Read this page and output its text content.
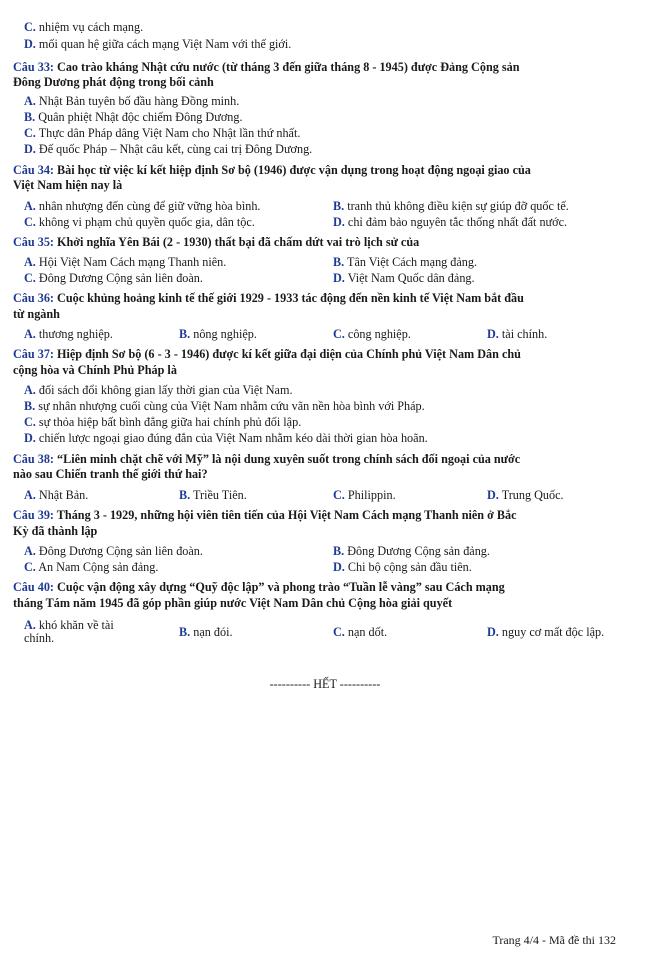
C. nhiệm vụ cách mạng.
D. mối quan hệ giữa cách mạng Việt Nam với thế giới.
Câu 33: Cao trào kháng Nhật cứu nước (từ tháng 3 đến giữa tháng 8 - 1945) được Đảng Cộng sản
Đông Dương phát động trong bối cảnh
A. Nhật Bản tuyên bố đầu hàng Đồng minh.
B. Quân phiệt Nhật độc chiếm Đông Dương.
C. Thực dân Pháp dâng Việt Nam cho Nhật lần thứ nhất.
D. Đế quốc Pháp – Nhật câu kết, cùng cai trị Đông Dương.
Câu 34: Bài học từ việc kí kết hiệp định Sơ bộ (1946) được vận dụng trong hoạt động ngoại giao của
Việt Nam hiện nay là
A. nhân nhượng đến cùng để giữ vững hòa bình.	B. tranh thủ không điều kiện sự giúp đỡ quốc tế.
C. không vi phạm chủ quyền quốc gia, dân tộc.	D. chỉ đảm bảo nguyên tắc thống nhất đất nước.
Câu 35: Khởi nghĩa Yên Bái (2 - 1930) thất bại đã chấm dứt vai trò lịch sử của
A. Hội Việt Nam Cách mạng Thanh niên.	B. Tân Việt Cách mạng đảng.
C. Đông Dương Cộng sản liên đoàn.	D. Việt Nam Quốc dân đảng.
Câu 36: Cuộc khủng hoảng kinh tế thế giới 1929 - 1933 tác động đến nền kinh tế Việt Nam bắt đầu
từ ngành
A. thương nghiệp.	B. nông nghiệp.	C. công nghiệp.	D. tài chính.
Câu 37: Hiệp định Sơ bộ (6 - 3 - 1946) được kí kết giữa đại diện của Chính phủ Việt Nam Dân chủ
cộng hòa và Chính Phủ Pháp là
A. đối sách đổi không gian lấy thời gian của Việt Nam.
B. sự nhân nhượng cuối cùng của Việt Nam nhằm cứu vãn nền hòa bình với Pháp.
C. sự thỏa hiệp bất bình đẳng giữa hai chính phủ đối lập.
D. chiến lược ngoại giao đúng đắn của Việt Nam nhằm kéo dài thời gian hòa hoãn.
Câu 38: “Liên minh chặt chẽ với Mỹ” là nội dung xuyên suốt trong chính sách đối ngoại của nước
nào sau Chiến tranh thế giới thứ hai?
A. Nhật Bản.	B. Triều Tiên.	C. Philippin.	D. Trung Quốc.
Câu 39: Tháng 3 - 1929, những hội viên tiên tiến của Hội Việt Nam Cách mạng Thanh niên ở Bắc
Kỳ đã thành lập
A. Đông Dương Cộng sản liên đoàn.	B. Đông Dương Cộng sản đảng.
C. An Nam Cộng sản đảng.	D. Chi bộ cộng sản đầu tiên.
Câu 40: Cuộc vận động xây dựng “Quỹ độc lập” và phong trào “Tuần lễ vàng” sau Cách mạng
tháng Tám năm 1945 đã góp phần giúp nước Việt Nam Dân chủ Cộng hòa giải quyết
A. khó khăn về tài chính.	B. nạn đói.	C. nạn dốt.	D. nguy cơ mất độc lập.
---------- HẾT ----------
Trang 4/4 - Mã đề thi 132
